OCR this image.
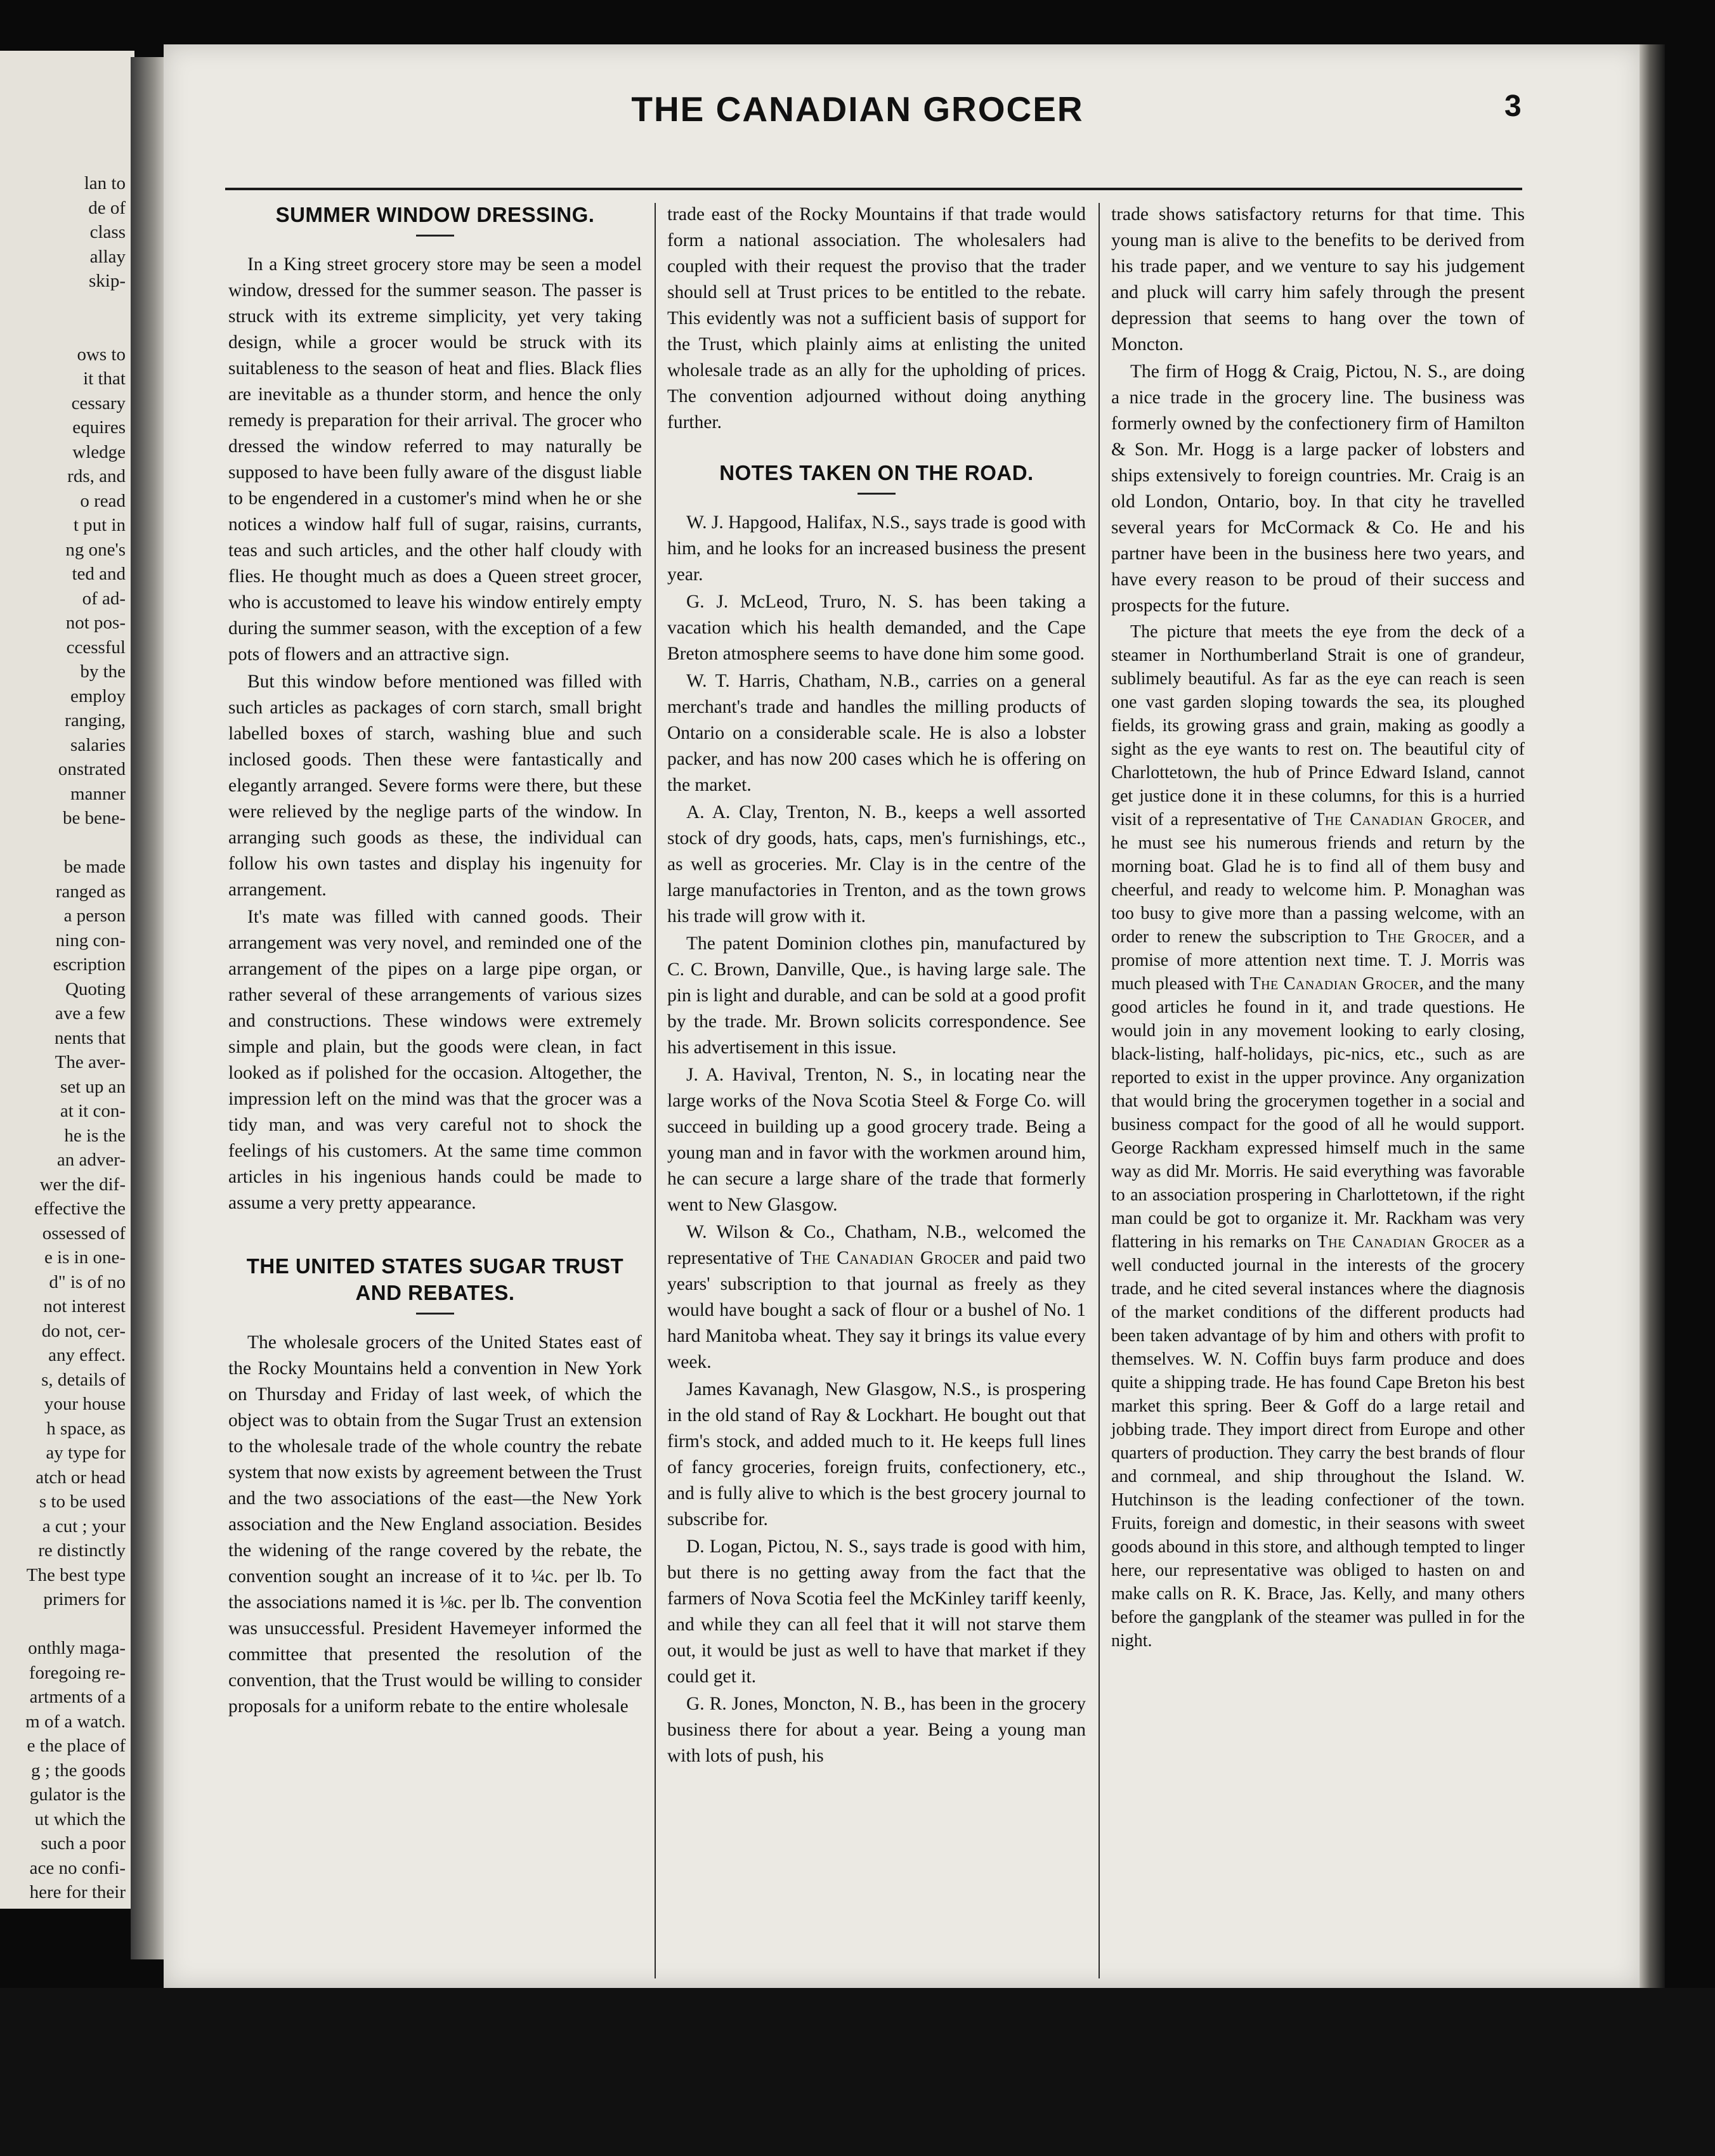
lan to
de of
class
allay
skip-
ows to
it that
cessary
equires
wledge
rds, and
o read
t put in
ng one's
ted and
of ad-
not pos-
ccessful
by the
employ
ranging,
salaries
onstrated
manner
be bene-
be made
ranged as
a person
ning con-
escription
Quoting
ave a few
nents that
The aver-
set up an
at it con-
he is the
an adver-
wer the dif-
effective the
ossessed of
e is in one-
d" is of no
not interest
do not, cer-
any effect.
s, details of
your house
h space, as
ay type for
atch or head
s to be used
a cut ; your
re distinctly
The best type
primers for
onthly maga-
foregoing re-
artments of a
m of a watch.
e the place of
g ; the goods
gulator is the
ut which the
such a poor
ace no confi-
here for their
THE CANADIAN GROCER	3
SUMMER WINDOW DRESSING.

In a King street grocery store may be seen a model window, dressed for the summer season. The passer is struck with its extreme simplicity, yet very taking design, while a grocer would be struck with its suitableness to the season of heat and flies. Black flies are inevitable as a thunder storm, and hence the only remedy is preparation for their arrival. The grocer who dressed the window referred to may naturally be supposed to have been fully aware of the disgust liable to be engendered in a customer's mind when he or she notices a window half full of sugar, raisins, currants, teas and such articles, and the other half cloudy with flies. He thought much as does a Queen street grocer, who is accustomed to leave his window entirely empty during the summer season, with the exception of a few pots of flowers and an attractive sign.

But this window before mentioned was filled with such articles as packages of corn starch, small bright labelled boxes of starch, washing blue and such inclosed goods. Then these were fantastically and elegantly arranged. Severe forms were there, but these were relieved by the neglige parts of the window. In arranging such goods as these, the individual can follow his own tastes and display his ingenuity for arrangement.

It's mate was filled with canned goods. Their arrangement was very novel, and reminded one of the arrangement of the pipes on a large pipe organ, or rather several of these arrangements of various sizes and constructions. These windows were extremely simple and plain, but the goods were clean, in fact looked as if polished for the occasion. Altogether, the impression left on the mind was that the grocer was a tidy man, and was very careful not to shock the feelings of his customers. At the same time common articles in his ingenious hands could be made to assume a very pretty appearance.

THE UNITED STATES SUGAR TRUST AND REBATES.

The wholesale grocers of the United States east of the Rocky Mountains held a convention in New York on Thursday and Friday of last week, of which the object was to obtain from the Sugar Trust an extension to the wholesale trade of the whole country the rebate system that now exists by agreement between the Trust and the two associations of the east—the New York association and the New England association. Besides the widening of the range covered by the rebate, the convention sought an increase of it to ¼c. per lb. To the associations named it is ⅛c. per lb. The convention was unsuccessful. President Havemeyer informed the committee that presented the resolution of the convention, that the Trust would be willing to consider proposals for a uniform rebate to the entire wholesale

trade east of the Rocky Mountains if that trade would form a national association. The wholesalers had coupled with their request the proviso that the trader should sell at Trust prices to be entitled to the rebate. This evidently was not a sufficient basis of support for the Trust, which plainly aims at enlisting the united wholesale trade as an ally for the upholding of prices. The convention adjourned without doing anything further.

NOTES TAKEN ON THE ROAD.

W. J. Hapgood, Halifax, N.S., says trade is good with him, and he looks for an increased business the present year.

G. J. McLeod, Truro, N. S. has been taking a vacation which his health demanded, and the Cape Breton atmosphere seems to have done him some good.

W. T. Harris, Chatham, N.B., carries on a general merchant's trade and handles the milling products of Ontario on a considerable scale. He is also a lobster packer, and has now 200 cases which he is offering on the market.

A. A. Clay, Trenton, N. B., keeps a well assorted stock of dry goods, hats, caps, men's furnishings, etc., as well as groceries. Mr. Clay is in the centre of the large manufactories in Trenton, and as the town grows his trade will grow with it.

The patent Dominion clothes pin, manufactured by C. C. Brown, Danville, Que., is having large sale. The pin is light and durable, and can be sold at a good profit by the trade. Mr. Brown solicits correspondence. See his advertisement in this issue.

J. A. Havival, Trenton, N. S., in locating near the large works of the Nova Scotia Steel & Forge Co. will succeed in building up a good grocery trade. Being a young man and in favor with the workmen around him, he can secure a large share of the trade that formerly went to New Glasgow.

W. Wilson & Co., Chatham, N.B., welcomed the representative of The Canadian Grocer and paid two years' subscription to that journal as freely as they would have bought a sack of flour or a bushel of No. 1 hard Manitoba wheat. They say it brings its value every week.

James Kavanagh, New Glasgow, N.S., is prospering in the old stand of Ray & Lockhart. He bought out that firm's stock, and added much to it. He keeps full lines of fancy groceries, foreign fruits, confectionery, etc., and is fully alive to which is the best grocery journal to subscribe for.

D. Logan, Pictou, N. S., says trade is good with him, but there is no getting away from the fact that the farmers of Nova Scotia feel the McKinley tariff keenly, and while they can all feel that it will not starve them out, it would be just as well to have that market if they could get it.

G. R. Jones, Moncton, N. B., has been in the grocery business there for about a year. Being a young man with lots of push, his

trade shows satisfactory returns for that time. This young man is alive to the benefits to be derived from his trade paper, and we venture to say his judgement and pluck will carry him safely through the present depression that seems to hang over the town of Moncton.

The firm of Hogg & Craig, Pictou, N. S., are doing a nice trade in the grocery line. The business was formerly owned by the confectionery firm of Hamilton & Son. Mr. Hogg is a large packer of lobsters and ships extensively to foreign countries. Mr. Craig is an old London, Ontario, boy. In that city he travelled several years for McCormack & Co. He and his partner have been in the business here two years, and have every reason to be proud of their success and prospects for the future.

The picture that meets the eye from the deck of a steamer in Northumberland Strait is one of grandeur, sublimely beautiful. As far as the eye can reach is seen one vast garden sloping towards the sea, its ploughed fields, its growing grass and grain, making as goodly a sight as the eye wants to rest on. The beautiful city of Charlottetown, the hub of Prince Edward Island, cannot get justice done it in these columns, for this is a hurried visit of a representative of The Canadian Grocer, and he must see his numerous friends and return by the morning boat. Glad he is to find all of them busy and cheerful, and ready to welcome him. P. Monaghan was too busy to give more than a passing welcome, with an order to renew the subscription to The Grocer, and a promise of more attention next time. T. J. Morris was much pleased with The Canadian Grocer, and the many good articles he found in it, and trade questions. He would join in any movement looking to early closing, black-listing, half-holidays, pic-nics, etc., such as are reported to exist in the upper province. Any organization that would bring the grocerymen together in a social and business compact for the good of all he would support. George Rackham expressed himself much in the same way as did Mr. Morris. He said everything was favorable to an association prospering in Charlottetown, if the right man could be got to organize it. Mr. Rackham was very flattering in his remarks on The Canadian Grocer as a well conducted journal in the interests of the grocery trade, and he cited several instances where the diagnosis of the market conditions of the different products had been taken advantage of by him and others with profit to themselves. W. N. Coffin buys farm produce and does quite a shipping trade. He has found Cape Breton his best market this spring. Beer & Goff do a large retail and jobbing trade. They import direct from Europe and other quarters of production. They carry the best brands of flour and cornmeal, and ship throughout the Island. W. Hutchinson is the leading confectioner of the town. Fruits, foreign and domestic, in their seasons with sweet goods abound in this store, and although tempted to linger here, our representative was obliged to hasten on and make calls on R. K. Brace, Jas. Kelly, and many others before the gangplank of the steamer was pulled in for the night.
